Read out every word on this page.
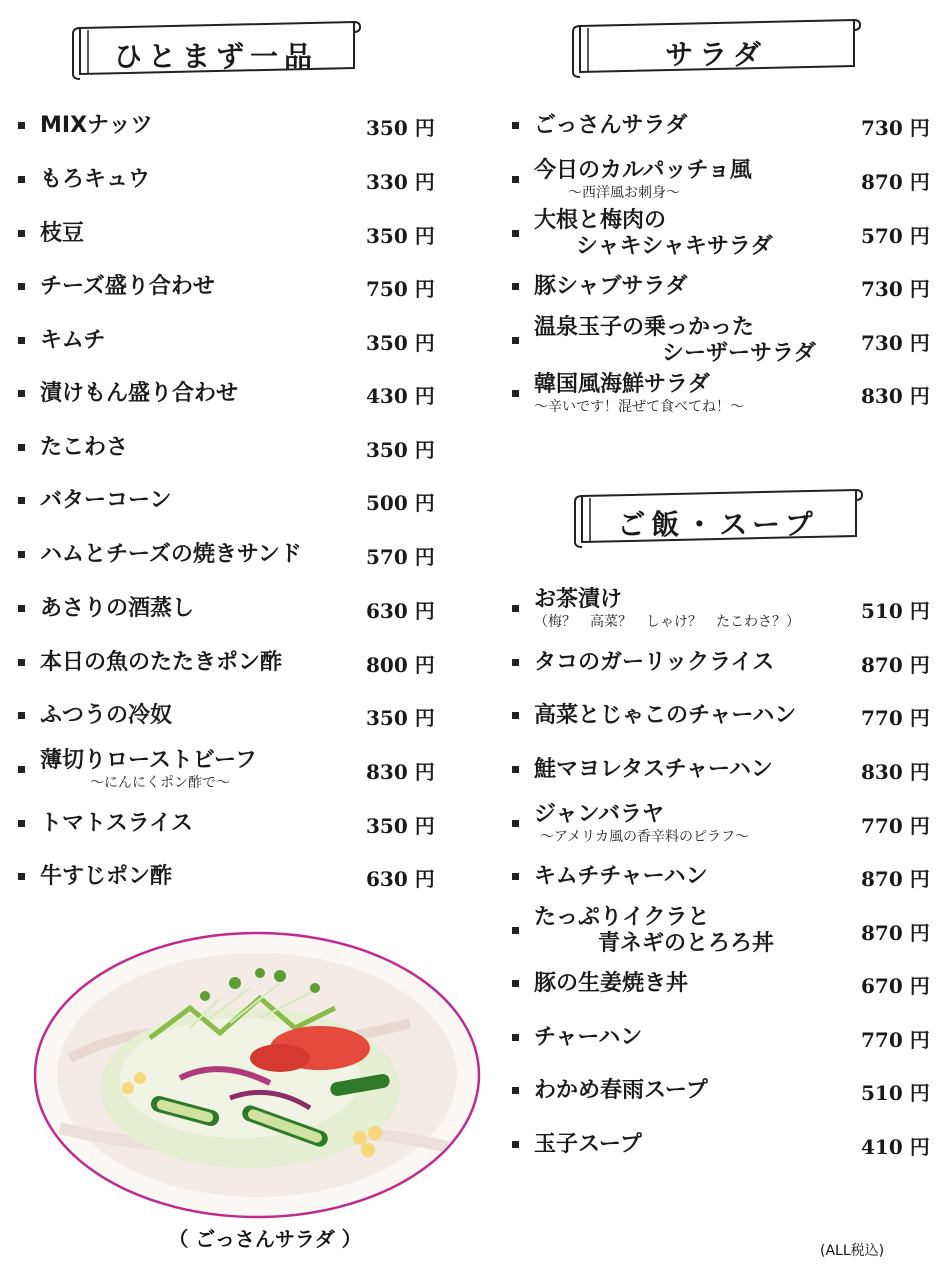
ひとまず一品	サラダ
ご飯・スープ
MIXナッツ	350 円
もろキュウ	330 円
枝豆	350 円
チーズ盛り合わせ	750 円
キムチ	350 円
漬けもん盛り合わせ	430 円
たこわさ	350 円
バターコーン	500 円
ハムとチーズの焼きサンド	570 円
あさりの酒蒸し	630 円
本日の魚のたたきポン酢	800 円
ふつうの冷奴	350 円
薄切りローストビーフ
～にんにくポン酢で～	830 円
トマトスライス	350 円
牛すじポン酢	630 円
ごっさんサラダ	730 円
今日のカルパッチョ風
～西洋風お刺身～	870 円
大根と梅肉の
シャキシャキサラダ	570 円
豚シャブサラダ	730 円
温泉玉子の乗っかった
シーザーサラダ 730 円
韓国風海鮮サラダ
～辛いです！混ぜて食べてね！～	830 円
お茶漬け
（梅？　高菜？　しゃけ？　たこわさ？）	510 円
タコのガーリックライス	870 円
高菜とじゃこのチャーハン	770 円
鮭マヨレタスチャーハン	830 円
ジャンバラヤ
～アメリカ風の香辛料のピラフ～	770 円
キムチチャーハン	870 円
たっぷりイクラと
青ネギのとろろ丼	870 円
豚の生姜焼き丼	670 円
チャーハン	770 円
わかめ春雨スープ	510 円
玉子スープ	410 円
（ ごっさんサラダ ）
(ALL税込)
